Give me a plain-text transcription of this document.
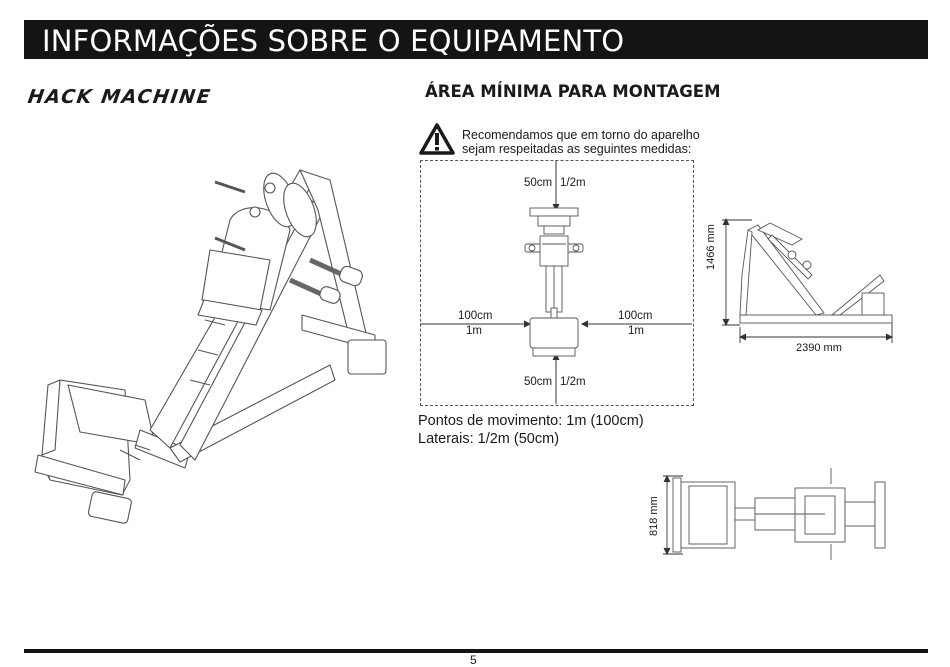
INFORMAÇÕES SOBRE O EQUIPAMENTO
HACK MACHINE	ÁREA MÍNIMA PARA MONTAGEM
Recomendamos que em torno do aparelho
sejam respeitadas as seguintes medidas:
50cm 1/2m
50cm 1/2m
100cm
1m
100cm
1m
Pontos de movimento: 1m (100cm)
Laterais: 1/2m (50cm)
1466 mm
2390 mm
818 mm
5
